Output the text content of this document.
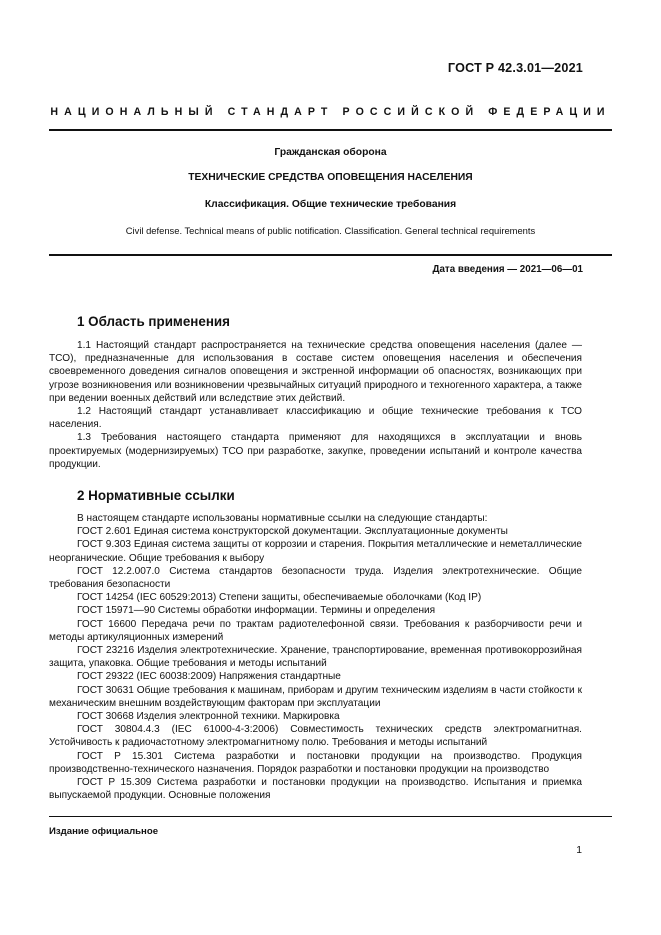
ГОСТ Р 42.3.01—2021
НАЦИОНАЛЬНЫЙ СТАНДАРТ РОССИЙСКОЙ ФЕДЕРАЦИИ
Гражданская оборона
ТЕХНИЧЕСКИЕ СРЕДСТВА ОПОВЕЩЕНИЯ НАСЕЛЕНИЯ
Классификация. Общие технические требования
Civil defense. Technical means of public notification. Classification. General technical requirements
Дата введения — 2021—06—01
1 Область применения

1.1 Настоящий стандарт распространяется на технические средства оповещения населения (далее — ТСО), предназначенные для использования в составе систем оповещения населения и обеспечения своевременного доведения сигналов оповещения и экстренной информации об опасностях, возникающих при угрозе возникновения или возникновении чрезвычайных ситуаций природного и техногенного характера, а также при ведении военных действий или вследствие этих действий.

1.2 Настоящий стандарт устанавливает классификацию и общие технические требования к ТСО населения.

1.3 Требования настоящего стандарта применяют для находящихся в эксплуатации и вновь проектируемых (модернизируемых) ТСО при разработке, закупке, проведении испытаний и контроле качества продукции.

2 Нормативные ссылки

В настоящем стандарте использованы нормативные ссылки на следующие стандарты:

ГОСТ 2.601 Единая система конструкторской документации. Эксплуатационные документы

ГОСТ 9.303 Единая система защиты от коррозии и старения. Покрытия металлические и неметаллические неорганические. Общие требования к выбору

ГОСТ 12.2.007.0 Система стандартов безопасности труда. Изделия электротехнические. Общие требования безопасности

ГОСТ 14254 (IEC 60529:2013) Степени защиты, обеспечиваемые оболочками (Код IP)

ГОСТ 15971—90 Системы обработки информации. Термины и определения

ГОСТ 16600 Передача речи по трактам радиотелефонной связи. Требования к разборчивости речи и методы артикуляционных измерений

ГОСТ 23216 Изделия электротехнические. Хранение, транспортирование, временная противокоррозийная защита, упаковка. Общие требования и методы испытаний

ГОСТ 29322 (IEC 60038:2009) Напряжения стандартные

ГОСТ 30631 Общие требования к машинам, приборам и другим техническим изделиям в части стойкости к механическим внешним воздействующим факторам при эксплуатации

ГОСТ 30668 Изделия электронной техники. Маркировка

ГОСТ 30804.4.3 (IEC 61000-4-3:2006) Совместимость технических средств электромагнитная. Устойчивость к радиочастотному электромагнитному полю. Требования и методы испытаний

ГОСТ Р 15.301 Система разработки и постановки продукции на производство. Продукция производственно-технического назначения. Порядок разработки и постановки продукции на производство

ГОСТ Р 15.309 Система разработки и постановки продукции на производство. Испытания и приемка выпускаемой продукции. Основные положения

Издание официальное
1
